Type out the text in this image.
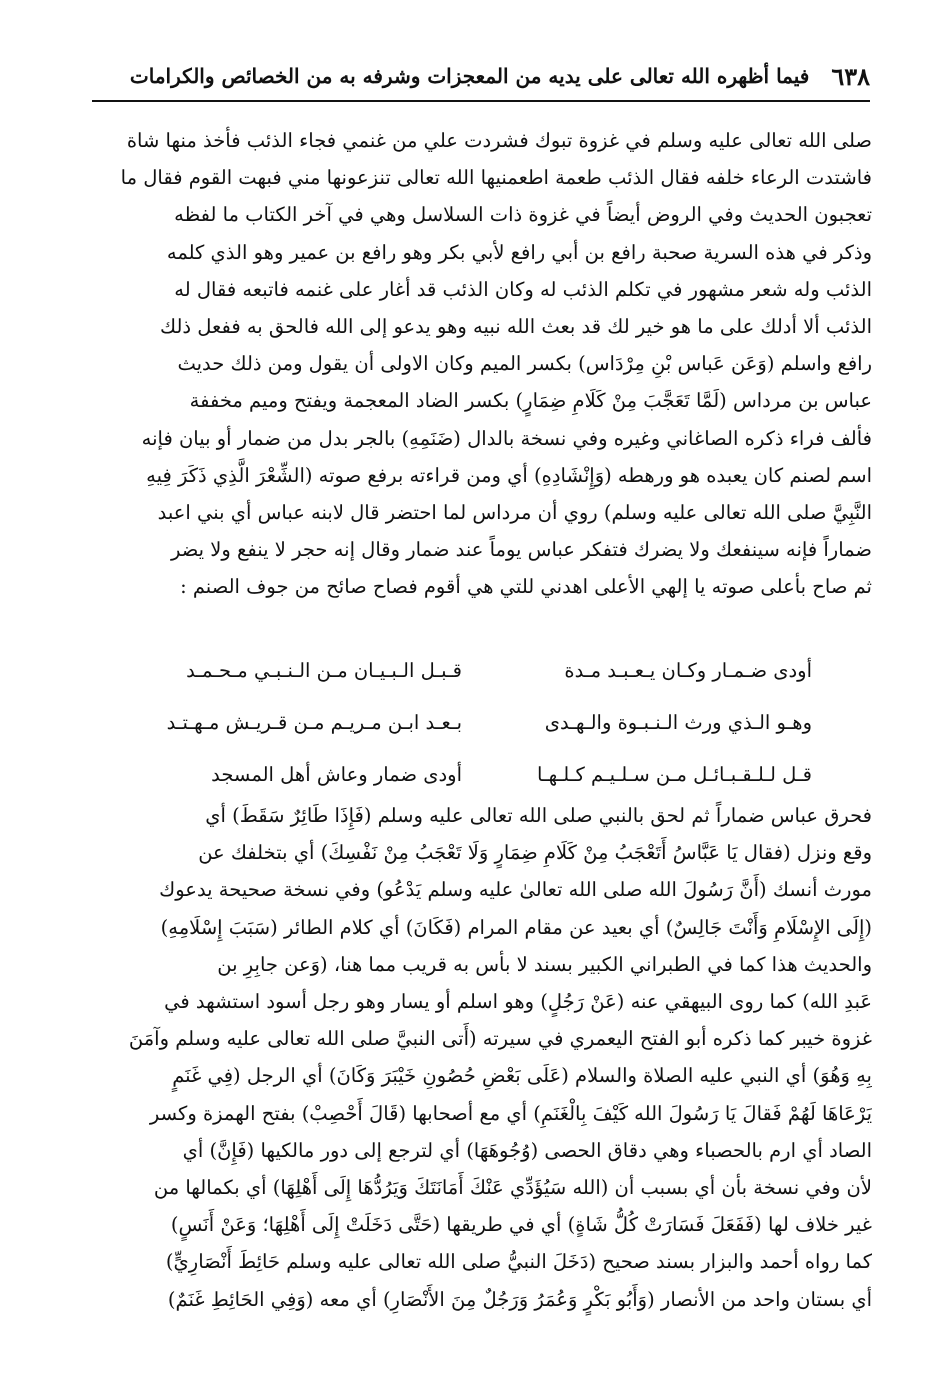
٦٣٨
فيما أظهره الله تعالى على يديه من المعجزات وشرفه به من الخصائص والكرامات
صلى الله تعالى عليه وسلم في غزوة تبوك فشردت علي من غنمي فجاء الذئب فأخذ منها شاة
فاشتدت الرعاء خلفه فقال الذئب طعمة اطعمنيها الله تعالى تنزعونها مني فبهت القوم فقال ما
تعجبون الحديث وفي الروض أيضاً في غزوة ذات السلاسل وهي في آخر الكتاب ما لفظه
وذكر في هذه السرية صحبة رافع بن أبي رافع لأبي بكر وهو رافع بن عمير وهو الذي كلمه
الذئب وله شعر مشهور في تكلم الذئب له وكان الذئب قد أغار على غنمه فاتبعه فقال له
الذئب ألا أدلك على ما هو خير لك قد بعث الله نبيه وهو يدعو إلى الله فالحق به ففعل ذلك
رافع واسلم (وَعَن عَباس بْنِ مِرْدَاس) بكسر الميم وكان الاولى أن يقول ومن ذلك حديث
عباس بن مرداس (لَمَّا تَعَجَّبَ مِنْ كَلَامِ ضِمَارٍ) بكسر الضاد المعجمة ويفتح وميم مخففة
فألف فراء ذكره الصاغاني وغيره وفي نسخة بالدال (ضَنَمِهِ) بالجر بدل من ضمار أو بيان فإنه
اسم لصنم كان يعبده هو ورهطه (وَإِنْشَادِهِ) أي ومن قراءته برفع صوته (الشِّعْرَ الَّذِي ذَكَرَ فِيهِ
النَّبِيَّ صلى الله تعالى عليه وسلم) روي أن مرداس لما احتضر قال لابنه عباس أي بني اعبد
ضماراً فإنه سينفعك ولا يضرك فتفكر عباس يوماً عند ضمار وقال إنه حجر لا ينفع ولا يضر
ثم صاح بأعلى صوته يا إلهي الأعلى اهدني للتي هي أقوم فصاح صائح من جوف الصنم :
أودى ضـمـار وكـان يـعـبـد مـدة
قـبـل الـبـيـان مـن الـنـبـي مـحـمـد
وهـو الـذي ورث الـنـبـوة والـهـدى
بـعـد ابـن مـريـم مـن قـريـش مـهـتـد
قـل لـلـقـبـائـل مـن سـلـيـم كـلـهـا
أودى ضمار وعاش أهل المسجد
فحرق عباس ضماراً ثم لحق بالنبي صلى الله تعالى عليه وسلم (فَإِذَا طَائِرٌ سَقَطَ) أي
وقع ونزل (فقال يَا عَبَّاسُ أَتَعْجَبُ مِنْ كَلَامِ ضِمَارٍ وَلَا تَعْجَبُ مِنْ نَفْسِكَ) أي بتخلفك عن
مورث أنسك (أَنَّ رَسُولَ الله صلى الله تعالىٰ عليه وسلم يَدْعُو) وفي نسخة صحيحة يدعوك
(إِلَى الإِسْلَامِ وَأَنْتَ جَالِسٌ) أي بعيد عن مقام المرام (فَكَانَ) أي كلام الطائر (سَبَبَ إِسْلَامِهِ)
والحديث هذا كما في الطبراني الكبير بسند لا بأس به قريب مما هنا، (وَعن جابِرِ بن
عَبدِ الله) كما روى البيهقي عنه (عَنْ رَجُلٍ) وهو اسلم أو يسار وهو رجل أسود استشهد في
غزوة خيبر كما ذكره أبو الفتح اليعمري في سيرته (أَتى النبيَّ صلى الله تعالى عليه وسلم وآمَنَ
بِهِ وَهُوَ) أي النبي عليه الصلاة والسلام (عَلَى بَعْضِ حُصُونِ خَيْبَرَ وَكَانَ) أي الرجل (فِي غَنَمٍ
يَرْعَاهَا لَهُمْ فَقالَ يَا رَسُولَ الله كَيْفَ بِالْغَنَمِ) أي مع أصحابها (قَالَ أَحْصِبْ) بفتح الهمزة وكسر
الصاد أي ارم بالحصباء وهي دقاق الحصى (وُجُوهَهَا) أي لترجع إلى دور مالكيها (فَإِنَّ) أي
لأن وفي نسخة بأن أي بسبب أن (الله سَيُؤَدِّي عَنْكَ أَمَانَتَكَ وَيَرُدُّهَا إِلَى أَهْلِهَا) أي بكمالها من
غير خلاف لها (فَفَعَلَ فَسَارَتْ كُلُّ شَاةٍ) أي في طريقها (حَتَّى دَخَلَتْ إِلَى أَهْلِهَا؛ وَعَنْ أَنَسٍ)
كما رواه أحمد والبزار بسند صحيح (دَخَلَ النبيُّ صلى الله تعالى عليه وسلم حَائِطَ أَنْصَارِيٍّ)
أي بستان واحد من الأنصار (وَأَبُو بَكْرٍ وَعُمَرُ وَرَجُلٌ مِنَ الأَنْصَارِ) أي معه (وَفِي الحَائِطِ غَنَمٌ)
